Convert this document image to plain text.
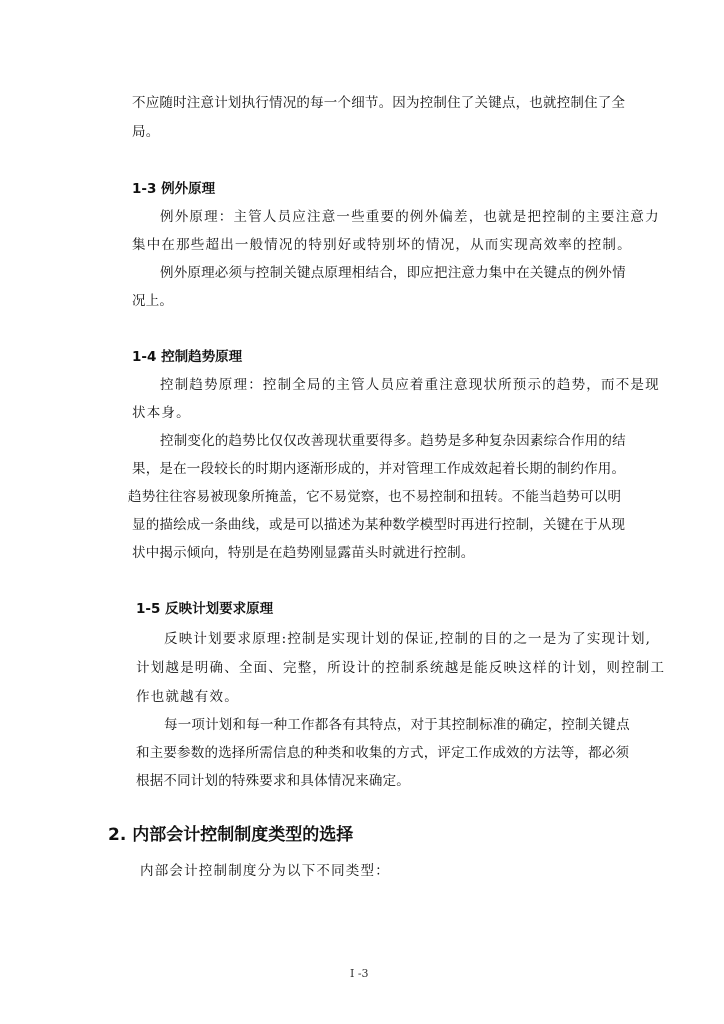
不应随时注意计划执行情况的每一个细节。因为控制住了关键点，也就控制住了全
局。
1-3 例外原理
例外原理：主管人员应注意一些重要的例外偏差，也就是把控制的主要注意力
集中在那些超出一般情况的特别好或特别坏的情况，从而实现高效率的控制。
例外原理必须与控制关键点原理相结合，即应把注意力集中在关键点的例外情
况上。
1-4 控制趋势原理
控制趋势原理：控制全局的主管人员应着重注意现状所预示的趋势，而不是现
状本身。
控制变化的趋势比仅仅改善现状重要得多。趋势是多种复杂因素综合作用的结
果，是在一段较长的时期内逐渐形成的，并对管理工作成效起着长期的制约作用。
趋势往往容易被现象所掩盖，它不易觉察，也不易控制和扭转。不能当趋势可以明
显的描绘成一条曲线，或是可以描述为某种数学模型时再进行控制，关键在于从现
状中揭示倾向，特别是在趋势刚显露苗头时就进行控制。
1-5 反映计划要求原理
反映计划要求原理:控制是实现计划的保证,控制的目的之一是为了实现计划,
计划越是明确、全面、完整，所设计的控制系统越是能反映这样的计划，则控制工
作也就越有效。
每一项计划和每一种工作都各有其特点，对于其控制标准的确定，控制关键点
和主要参数的选择所需信息的种类和收集的方式，评定工作成效的方法等，都必须
根据不同计划的特殊要求和具体情况来确定。
2. 内部会计控制制度类型的选择
内部会计控制制度分为以下不同类型：
I -3
